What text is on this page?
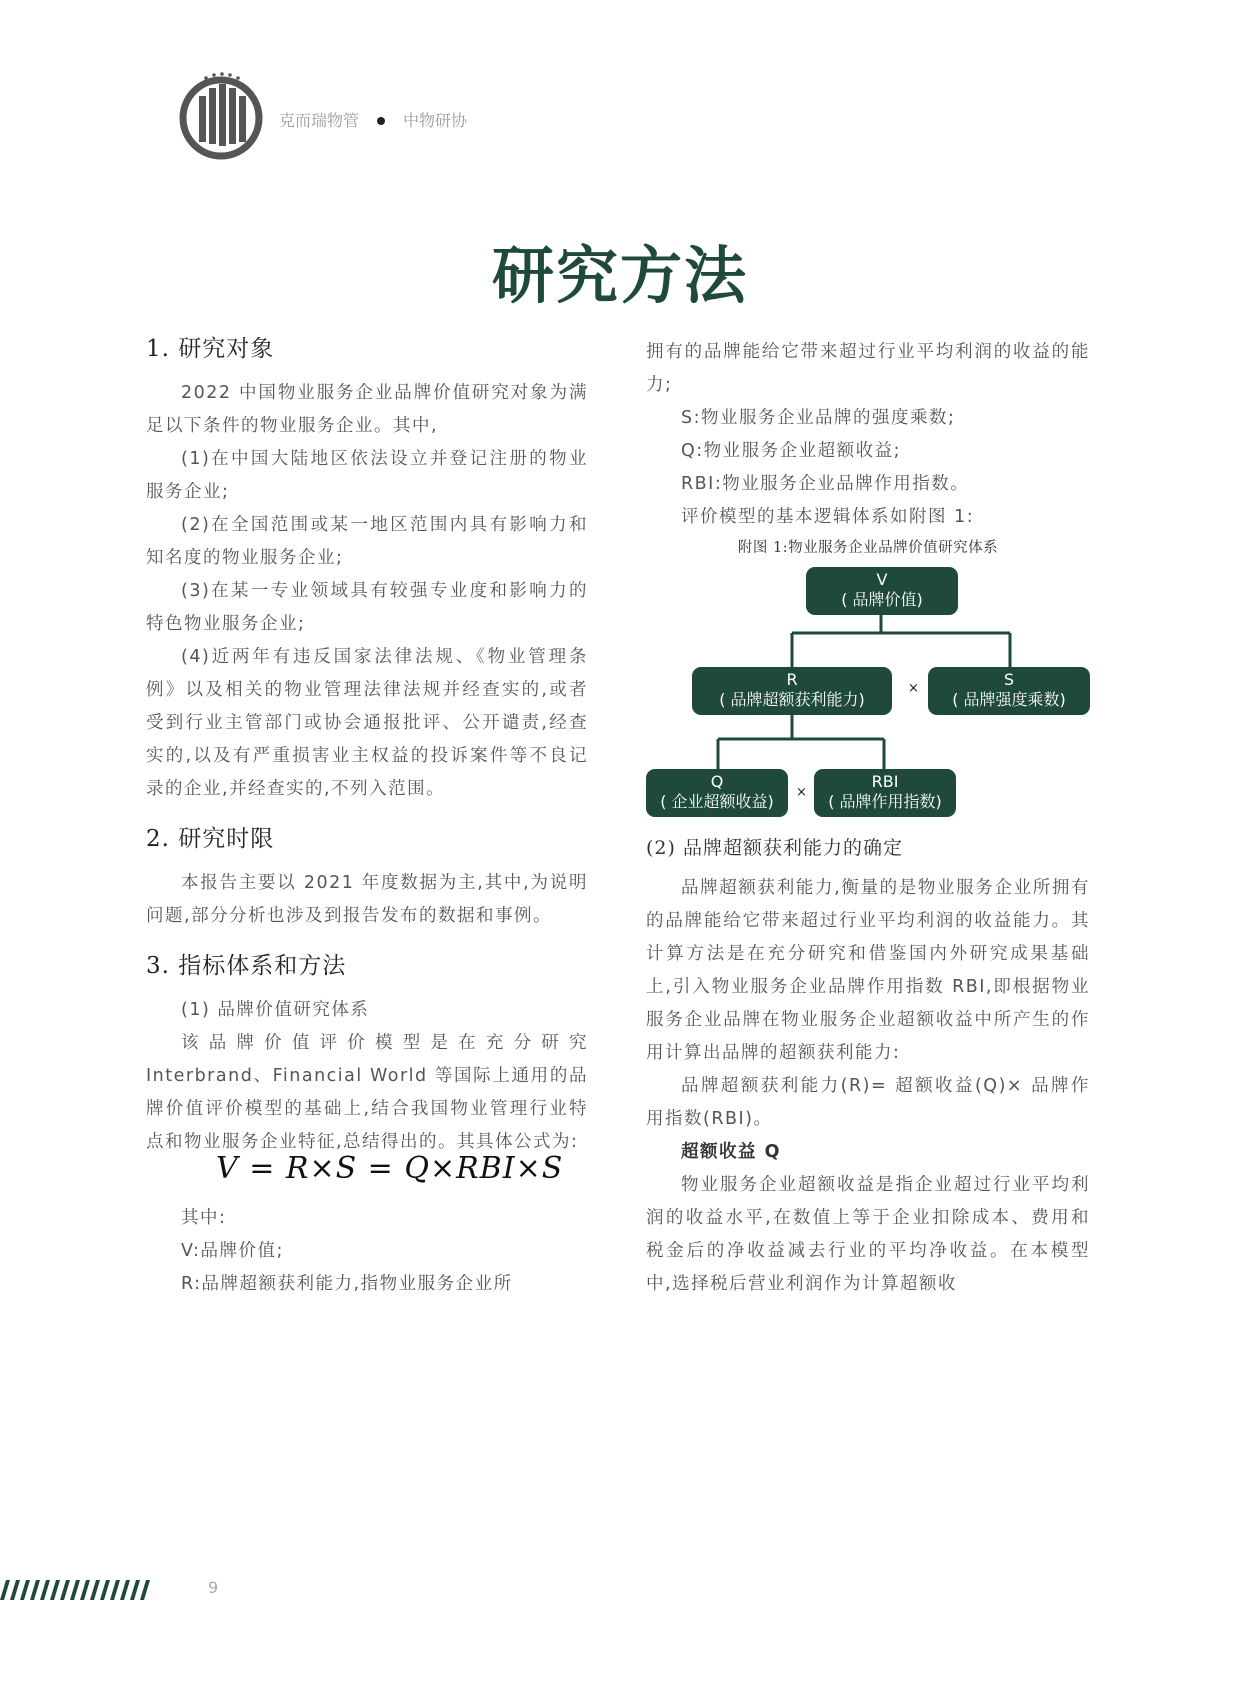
克而瑞物管	中物研协
研究方法

1. 研究对象

2022 中国物业服务企业品牌价值研究对象为满足以下条件的物业服务企业。其中,

(1)在中国大陆地区依法设立并登记注册的物业服务企业;

(2)在全国范围或某一地区范围内具有影响力和知名度的物业服务企业;

(3)在某一专业领域具有较强专业度和影响力的特色物业服务企业;

(4)近两年有违反国家法律法规、《物业管理条例》以及相关的物业管理法律法规并经查实的,或者受到行业主管部门或协会通报批评、公开谴责,经查实的,以及有严重损害业主权益的投诉案件等不良记录的企业,并经查实的,不列入范围。

2. 研究时限

本报告主要以 2021 年度数据为主,其中,为说明问题,部分分析也涉及到报告发布的数据和事例。

3. 指标体系和方法

(1) 品牌价值研究体系

该品牌价值评价模型是在充分研究 Interbrand、Financial World 等国际上通用的品牌价值评价模型的基础上,结合我国物业管理行业特点和物业服务企业特征,总结得出的。其具体公式为:

V = R×S = Q×RBI×S

其中:

V:品牌价值;

R:品牌超额获利能力,指物业服务企业所

拥有的品牌能给它带来超过行业平均利润的收益的能力;

S:物业服务企业品牌的强度乘数;

Q:物业服务企业超额收益;

RBI:物业服务企业品牌作用指数。

评价模型的基本逻辑体系如附图 1:

附图 1:物业服务企业品牌价值研究体系

V
( 品牌价值)
R
( 品牌超额获利能力)
×	S
( 品牌强度乘数)
Q
( 企业超额收益)	×
RBI
( 品牌作用指数)

(2) 品牌超额获利能力的确定

品牌超额获利能力,衡量的是物业服务企业所拥有的品牌能给它带来超过行业平均利润的收益能力。其计算方法是在充分研究和借鉴国内外研究成果基础上,引入物业服务企业品牌作用指数 RBI,即根据物业服务企业品牌在物业服务企业超额收益中所产生的作用计算出品牌的超额获利能力:

品牌超额获利能力(R)= 超额收益(Q)× 品牌作用指数(RBI)。

超额收益 Q

物业服务企业超额收益是指企业超过行业平均利润的收益水平,在数值上等于企业扣除成本、费用和税金后的净收益减去行业的平均净收益。在本模型中,选择税后营业利润作为计算超额收

9
